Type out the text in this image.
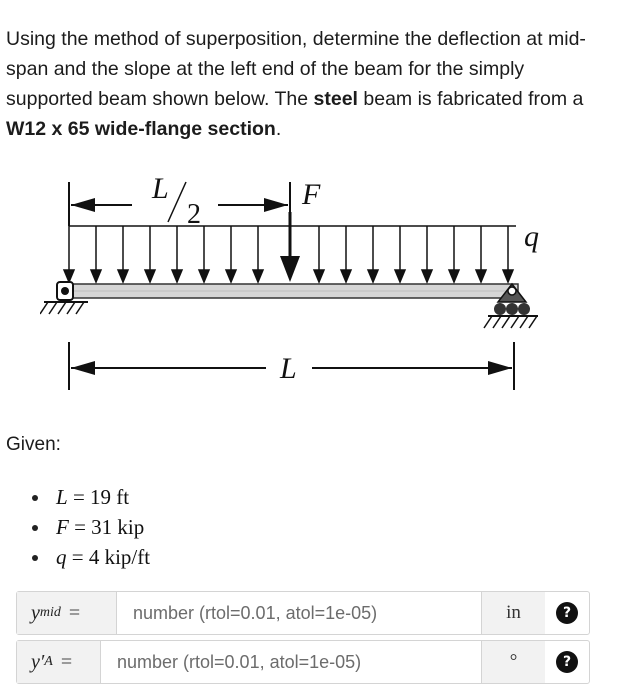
Using the method of superposition, determine the deflection at mid-span and the slope at the left end of the beam for the simply supported beam shown below. The steel beam is fabricated from a W12 x 65 wide-flange section.
L
2
F
q
L
Given:
L = 19 ft
F = 31 kip
q = 4 kip/ft
y mid =	number (rtol=0.01, atol=1e-05)	in	?
y′ A =	number (rtol=0.01, atol=1e-05)	°	?
